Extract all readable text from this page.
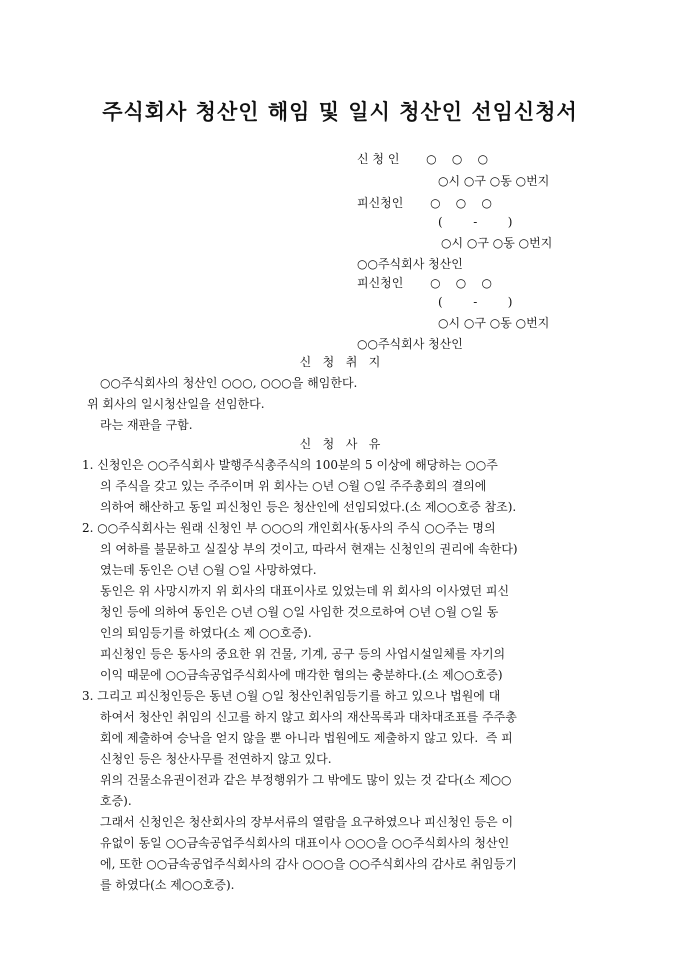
주식회사 청산인 해임 및 일시 청산인 선임신청서
신 청 인       ○    ○    ○
○시 ○구 ○동 ○번지
피신청인       ○    ○    ○
(        -        )
○시 ○구 ○동 ○번지
○○주식회사 청산인
피신청인       ○    ○    ○
(        -        )
○시 ○구 ○동 ○번지
○○주식회사 청산인
신   청   취   지
○○주식회사의 청산인 ○○○, ○○○을 해임한다.
위 회사의 일시청산일을 선임한다.
라는 재판을 구함.
신   청   사   유
1. 신청인은 ○○주식회사 발행주식총주식의 100분의 5 이상에 해당하는 ○○주
의 주식을 갖고 있는 주주이며 위 회사는 ○년 ○월 ○일 주주총회의 결의에
의하여 해산하고 동일 피신청인 등은 청산인에 선임되었다.(소 제○○호증 참조).
2. ○○주식회사는 원래 신청인 부 ○○○의 개인회사(동사의 주식 ○○주는 명의
의 여하를 불문하고 실질상 부의 것이고, 따라서 현재는 신청인의 권리에 속한다)
였는데 동인은 ○년 ○월 ○일 사망하였다.
동인은 위 사망시까지 위 회사의 대표이사로 있었는데 위 회사의 이사였던 피신
청인 등에 의하여 동인은 ○년 ○월 ○일 사임한 것으로하여 ○년 ○월 ○일 동
인의 퇴임등기를 하였다(소 제 ○○호증).
피신청인 등은 동사의 중요한 위 건물, 기계, 공구 등의 사업시설일체를 자기의
이익 때문에 ○○금속공업주식회사에 매각한 혐의는 충분하다.(소 제○○호증)
3. 그리고 피신청인등은 동년 ○월 ○일 청산인취임등기를 하고 있으나 법원에 대
하여서 청산인 취임의 신고를 하지 않고 회사의 재산목록과 대차대조표를 주주총
회에 제출하여 승낙을 얻지 않을 뿐 아니라 법원에도 제출하지 않고 있다.  즉 피
신청인 등은 청산사무를 전연하지 않고 있다.
위의 건물소유권이전과 같은 부정행위가 그 밖에도 많이 있는 것 같다(소 제○○
호증).
그래서 신청인은 청산회사의 장부서류의 열람을 요구하였으나 피신청인 등은 이
유없이 동일 ○○금속공업주식회사의 대표이사 ○○○을 ○○주식회사의 청산인
에, 또한 ○○금속공업주식회사의 감사 ○○○을 ○○주식회사의 감사로 취임등기
를 하였다(소 제○○호증).
